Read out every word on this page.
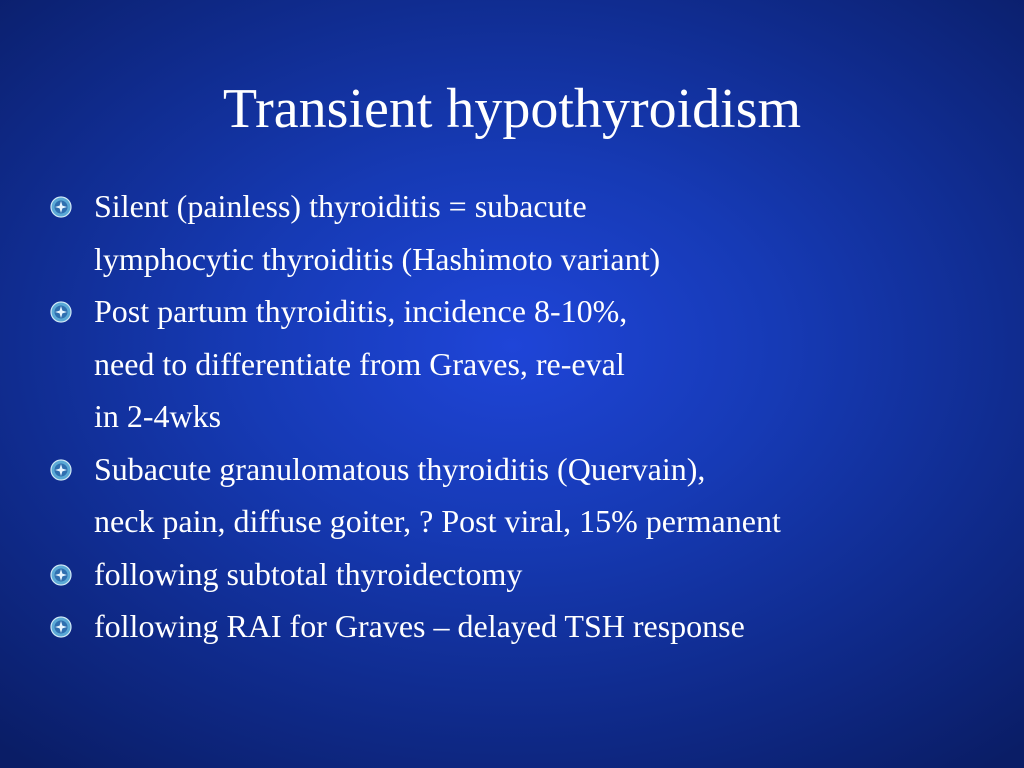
Transient hypothyroidism
Silent (painless) thyroiditis = subacute
lymphocytic thyroiditis (Hashimoto variant)
Post partum thyroiditis, incidence 8-10%,
need to differentiate from Graves, re-eval
in 2-4wks
Subacute granulomatous thyroiditis (Quervain),
neck pain, diffuse goiter, ? Post viral, 15% permanent
following subtotal thyroidectomy
following RAI for Graves – delayed TSH response
